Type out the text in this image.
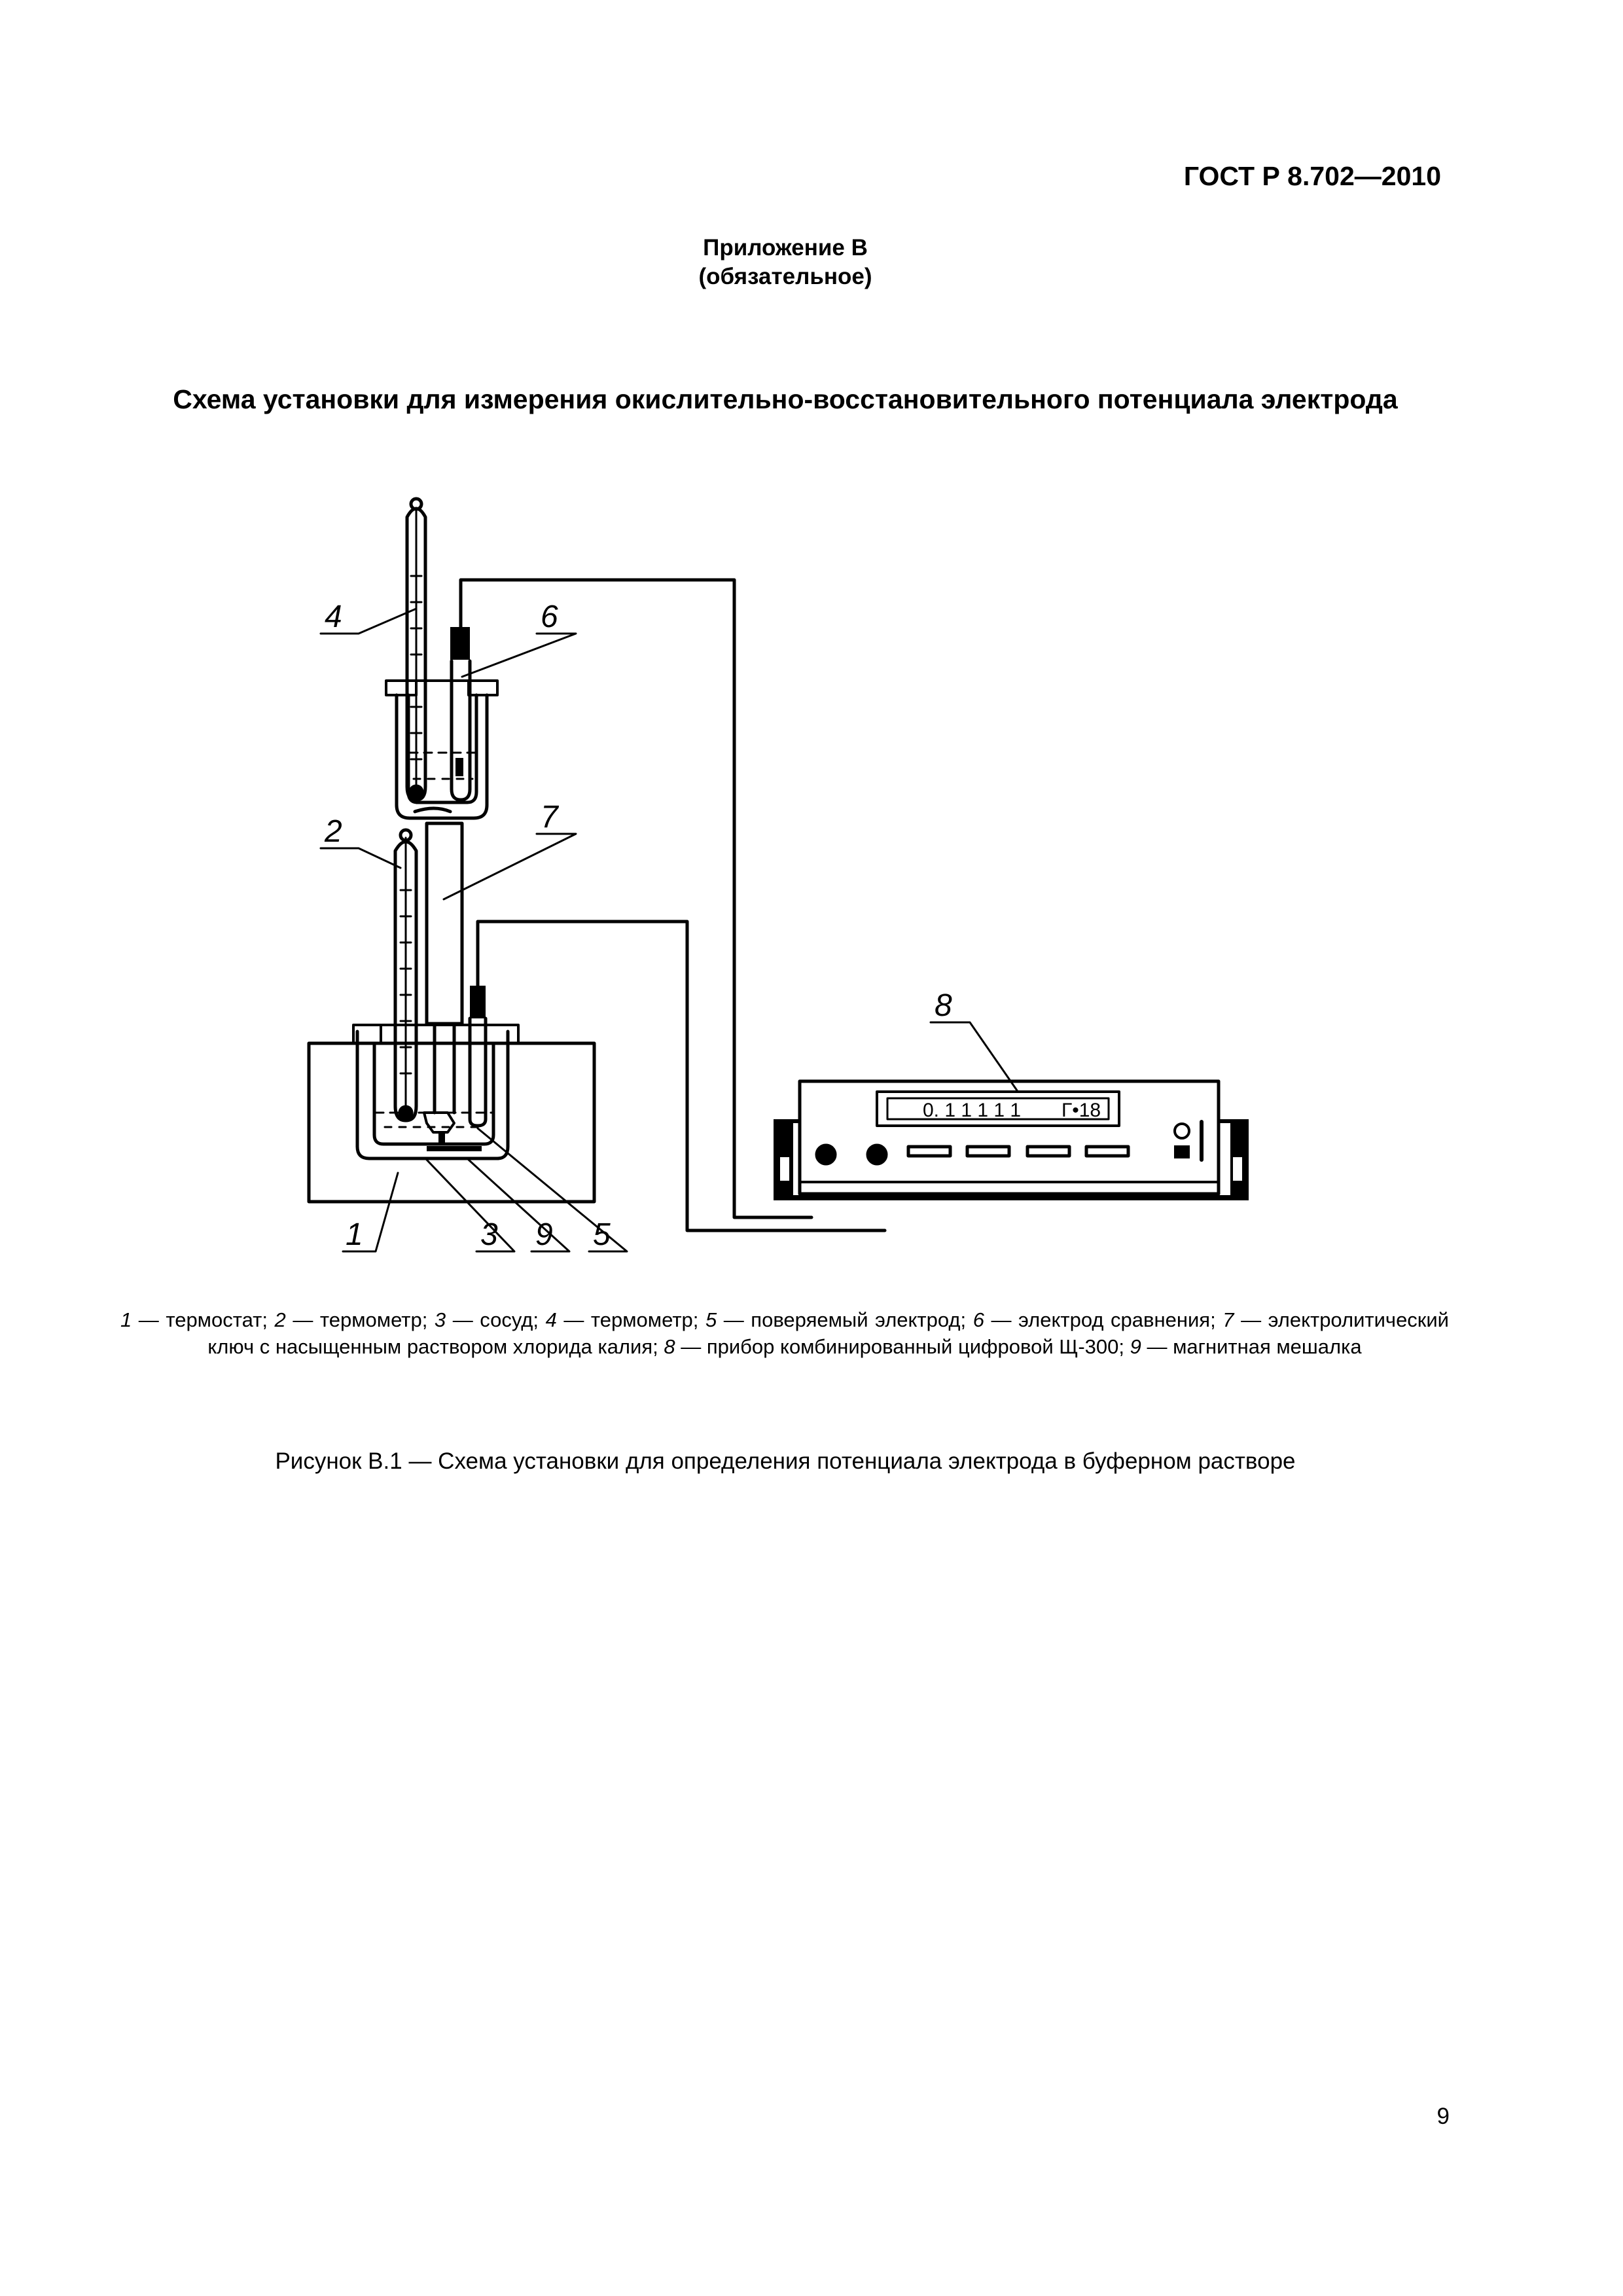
ГОСТ Р 8.702—2010
Приложение В
(обязательное)
Схема установки для измерения окислительно-восстановительного потенциала электрода
0. 1 1 1 1 1 Г•18
4	6
2	7
8
1	3 9 5
1 — термостат; 2 — термометр; 3 — сосуд; 4 — термометр; 5 — поверяемый электрод; 6 — электрод сравнения; 7 — электролитический ключ с насыщенным раствором хлорида калия; 8 — прибор комбинированный цифровой Щ-300; 9 — магнитная мешалка
Рисунок В.1 — Схема установки для определения потенциала электрода в буферном растворе
9
